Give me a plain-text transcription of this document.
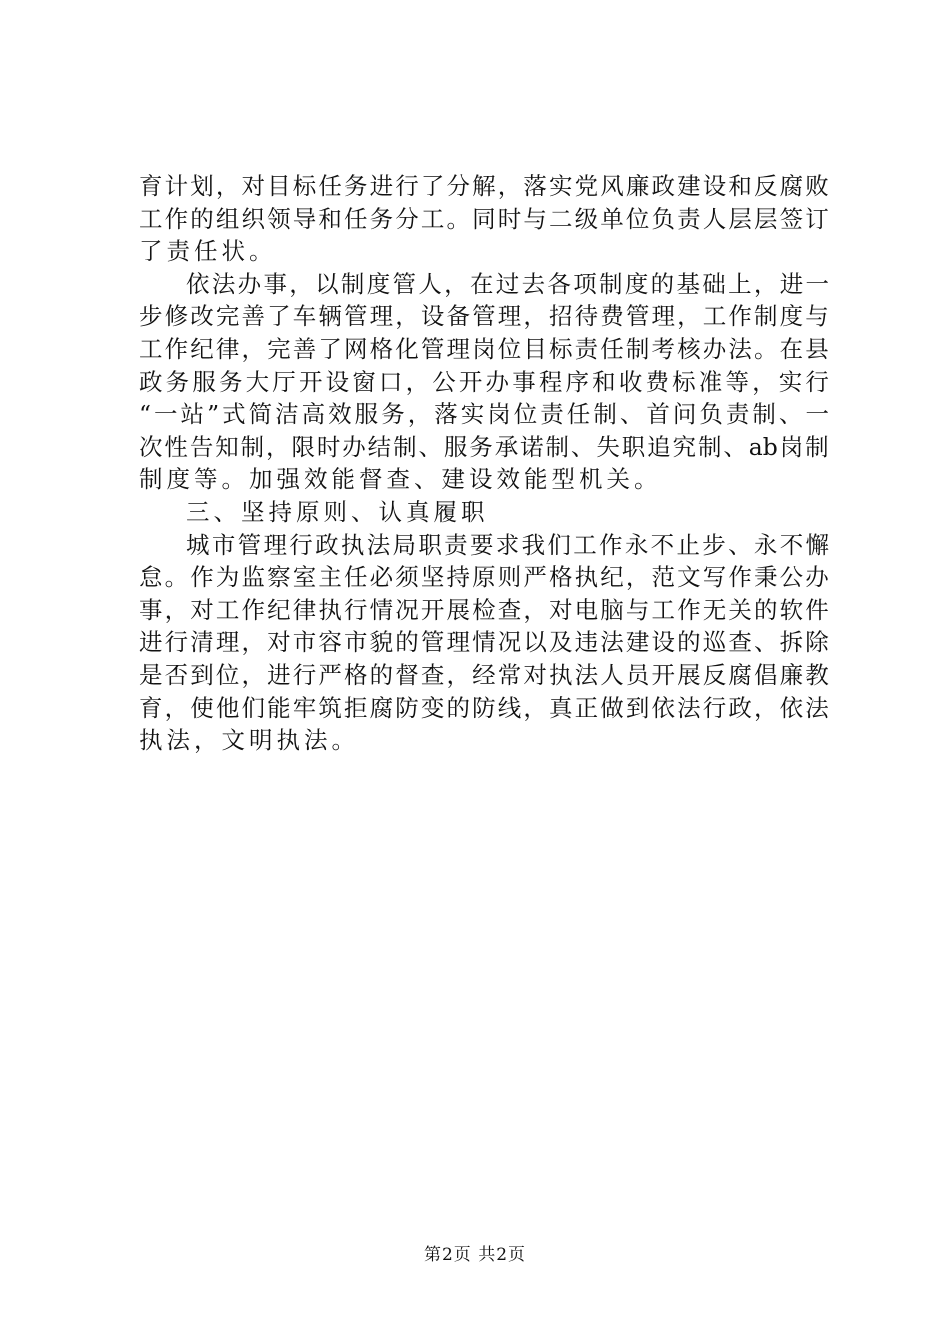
育 计 划 ， 对 目 标 任 务 进 行 了 分 解 ， 落 实 党 风 廉 政 建 设 和 反 腐 败
工 作 的 组 织 领 导 和 任 务 分 工 。 同 时 与 二 级 单 位 负 责 人 层 层 签 订
了责任状。
依 法 办 事 ， 以 制 度 管 人 ， 在 过 去 各 项 制 度 的 基 础 上 ， 进 一
步 修 改 完 善 了 车 辆 管 理 ， 设 备 管 理 ， 招 待 费 管 理 ， 工 作 制 度 与
工 作 纪 律 ， 完 善 了 网 格 化 管 理 岗 位 目 标 责 任 制 考 核 办 法 。 在 县
政 务 服 务 大 厅 开 设 窗 口 ， 公 开 办 事 程 序 和 收 费 标 准 等 ， 实 行
“ 一 站 ” 式 简 洁 高 效 服 务 ， 落 实 岗 位 责 任 制 、 首 问 负 责 制 、 一
次 性 告 知 制 ， 限 时 办 结 制 、 服 务 承 诺 制 、 失 职 追 究 制 、 ab 岗 制
制度等。加强效能督查、建设效能型机关。
三、坚持原则、认真履职
城 市 管 理 行 政 执 法 局 职 责 要 求 我 们 工 作 永 不 止 步 、 永 不 懈
怠 。 作 为 监 察 室 主 任 必 须 坚 持 原 则 严 格 执 纪 ， 范 文 写 作 秉 公 办
事 ， 对 工 作 纪 律 执 行 情 况 开 展 检 查 ， 对 电 脑 与 工 作 无 关 的 软 件
进 行 清 理 ， 对 市 容 市 貌 的 管 理 情 况 以 及 违 法 建 设 的 巡 查 、 拆 除
是 否 到 位 ， 进 行 严 格 的 督 查 ， 经 常 对 执 法 人 员 开 展 反 腐 倡 廉 教
育 ， 使 他 们 能 牢 筑 拒 腐 防 变 的 防 线 ， 真 正 做 到 依 法 行 政 ， 依 法
执法，文明执法。
第2页 共2页
